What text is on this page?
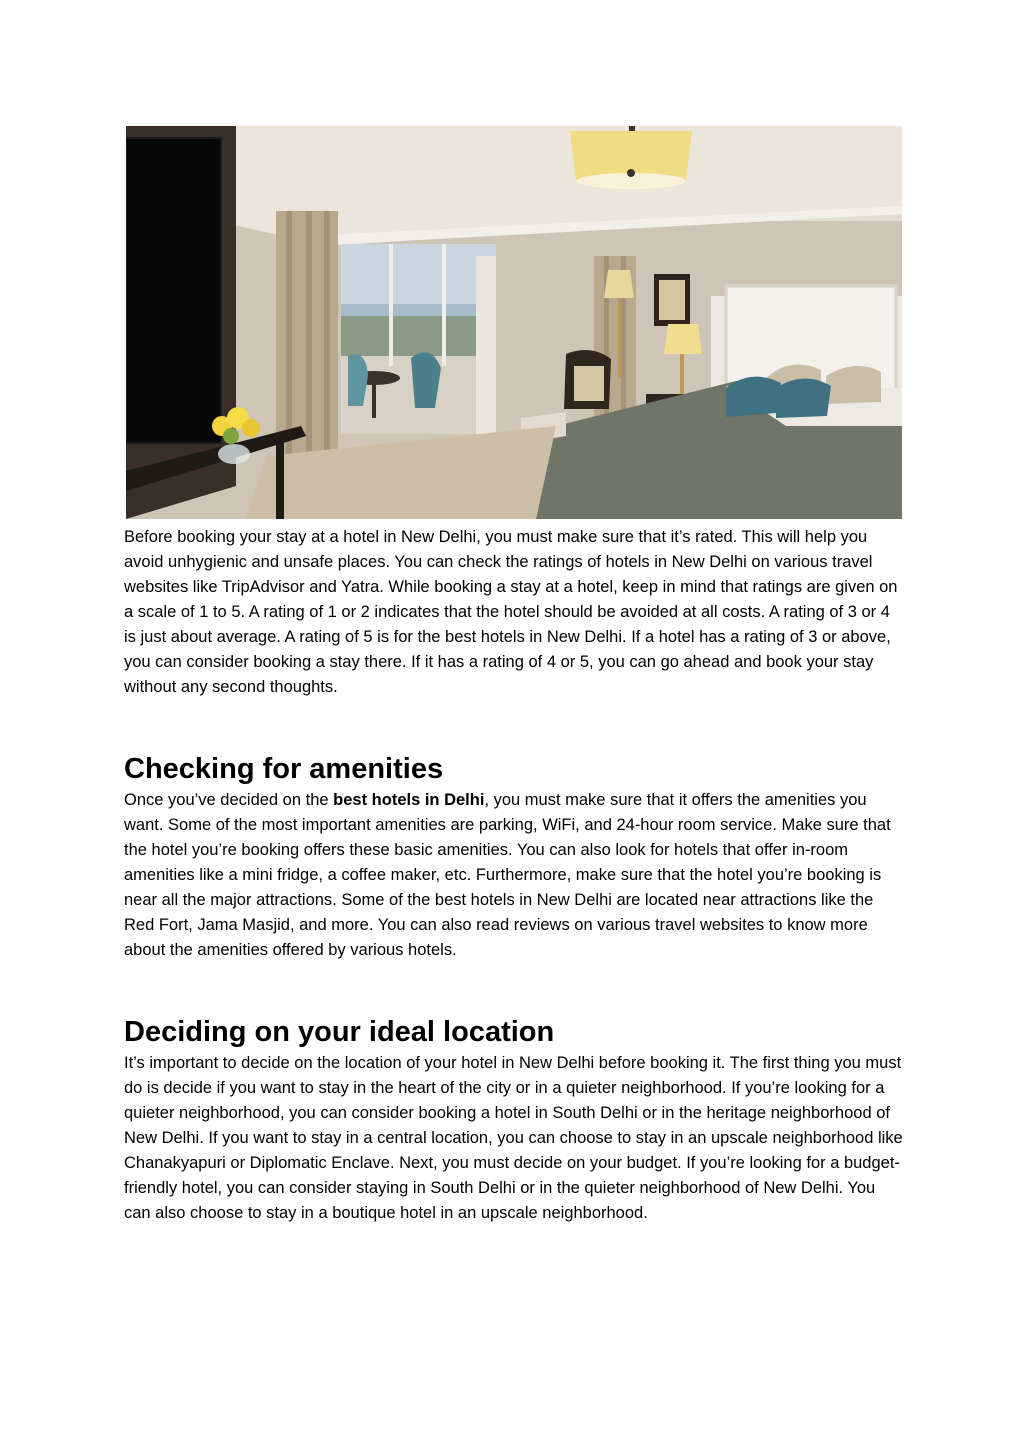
Before booking your stay at a hotel in New Delhi, you must make sure that it’s rated. This will help you avoid unhygienic and unsafe places. You can check the ratings of hotels in New Delhi on various travel websites like TripAdvisor and Yatra. While booking a stay at a hotel, keep in mind that ratings are given on a scale of 1 to 5. A rating of 1 or 2 indicates that the hotel should be avoided at all costs. A rating of 3 or 4 is just about average. A rating of 5 is for the best hotels in New Delhi. If a hotel has a rating of 3 or above, you can consider booking a stay there. If it has a rating of 4 or 5, you can go ahead and book your stay without any second thoughts.

Checking for amenities

Once you’ve decided on the best hotels in Delhi, you must make sure that it offers the amenities you want. Some of the most important amenities are parking, WiFi, and 24-hour room service. Make sure that the hotel you’re booking offers these basic amenities. You can also look for hotels that offer in-room amenities like a mini fridge, a coffee maker, etc. Furthermore, make sure that the hotel you’re booking is near all the major attractions. Some of the best hotels in New Delhi are located near attractions like the Red Fort, Jama Masjid, and more. You can also read reviews on various travel websites to know more about the amenities offered by various hotels.

Deciding on your ideal location

It’s important to decide on the location of your hotel in New Delhi before booking it. The first thing you must do is decide if you want to stay in the heart of the city or in a quieter neighborhood. If you’re looking for a quieter neighborhood, you can consider booking a hotel in South Delhi or in the heritage neighborhood of New Delhi. If you want to stay in a central location, you can choose to stay in an upscale neighborhood like Chanakyapuri or Diplomatic Enclave. Next, you must decide on your budget. If you’re looking for a budget-friendly hotel, you can consider staying in South Delhi or in the quieter neighborhood of New Delhi. You can also choose to stay in a boutique hotel in an upscale neighborhood.
